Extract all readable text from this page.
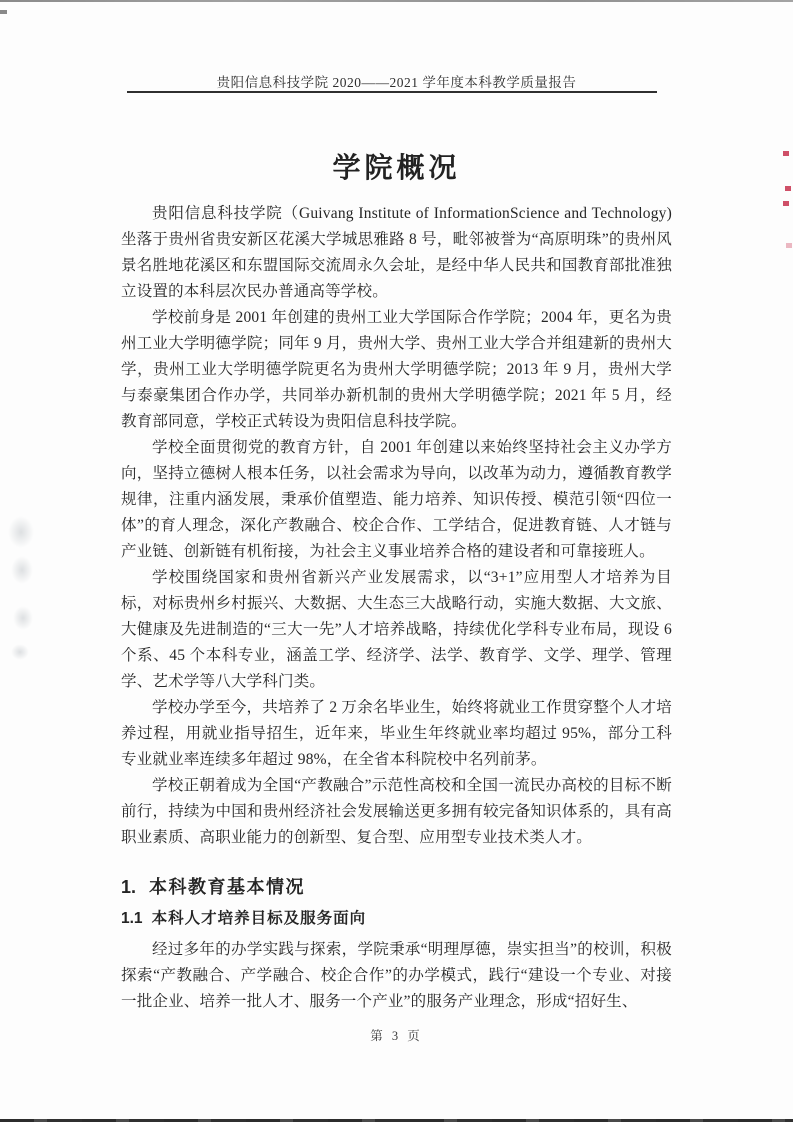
贵阳信息科技学院 2020——2021 学年度本科教学质量报告
学院概况

贵阳信息科技学院（Guivang Institute of InformationScience and Technology)坐落于贵州省贵安新区花溪大学城思雅路 8 号，毗邻被誉为“高原明珠”的贵州风景名胜地花溪区和东盟国际交流周永久会址，是经中华人民共和国教育部批准独立设置的本科层次民办普通高等学校。

学校前身是 2001 年创建的贵州工业大学国际合作学院；2004 年，更名为贵州工业大学明德学院；同年 9 月，贵州大学、贵州工业大学合并组建新的贵州大学，贵州工业大学明德学院更名为贵州大学明德学院；2013 年 9 月，贵州大学与泰豪集团合作办学，共同举办新机制的贵州大学明德学院；2021 年 5 月，经教育部同意，学校正式转设为贵阳信息科技学院。

学校全面贯彻党的教育方针，自 2001 年创建以来始终坚持社会主义办学方向，坚持立德树人根本任务，以社会需求为导向，以改革为动力，遵循教育教学规律，注重内涵发展，秉承价值塑造、能力培养、知识传授、模范引领“四位一体”的育人理念，深化产教融合、校企合作、工学结合，促进教育链、人才链与产业链、创新链有机衔接，为社会主义事业培养合格的建设者和可靠接班人。

学校围绕国家和贵州省新兴产业发展需求，以“3+1”应用型人才培养为目标，对标贵州乡村振兴、大数据、大生态三大战略行动，实施大数据、大文旅、大健康及先进制造的“三大一先”人才培养战略，持续优化学科专业布局，现设 6 个系、45 个本科专业，涵盖工学、经济学、法学、教育学、文学、理学、管理学、艺术学等八大学科门类。

学校办学至今，共培养了 2 万余名毕业生，始终将就业工作贯穿整个人才培养过程，用就业指导招生，近年来，毕业生年终就业率均超过 95%，部分工科专业就业率连续多年超过 98%，在全省本科院校中名列前茅。

学校正朝着成为全国“产教融合”示范性高校和全国一流民办高校的目标不断前行，持续为中国和贵州经济社会发展输送更多拥有较完备知识体系的，具有高职业素质、高职业能力的创新型、复合型、应用型专业技术类人才。

1. 本科教育基本情况
1.1 本科人才培养目标及服务面向

经过多年的办学实践与探索，学院秉承“明理厚德，崇实担当”的校训，积极探索“产教融合、产学融合、校企合作”的办学模式，践行“建设一个专业、对接一批企业、培养一批人才、服务一个产业”的服务产业理念，形成“招好生、

第 3 页
